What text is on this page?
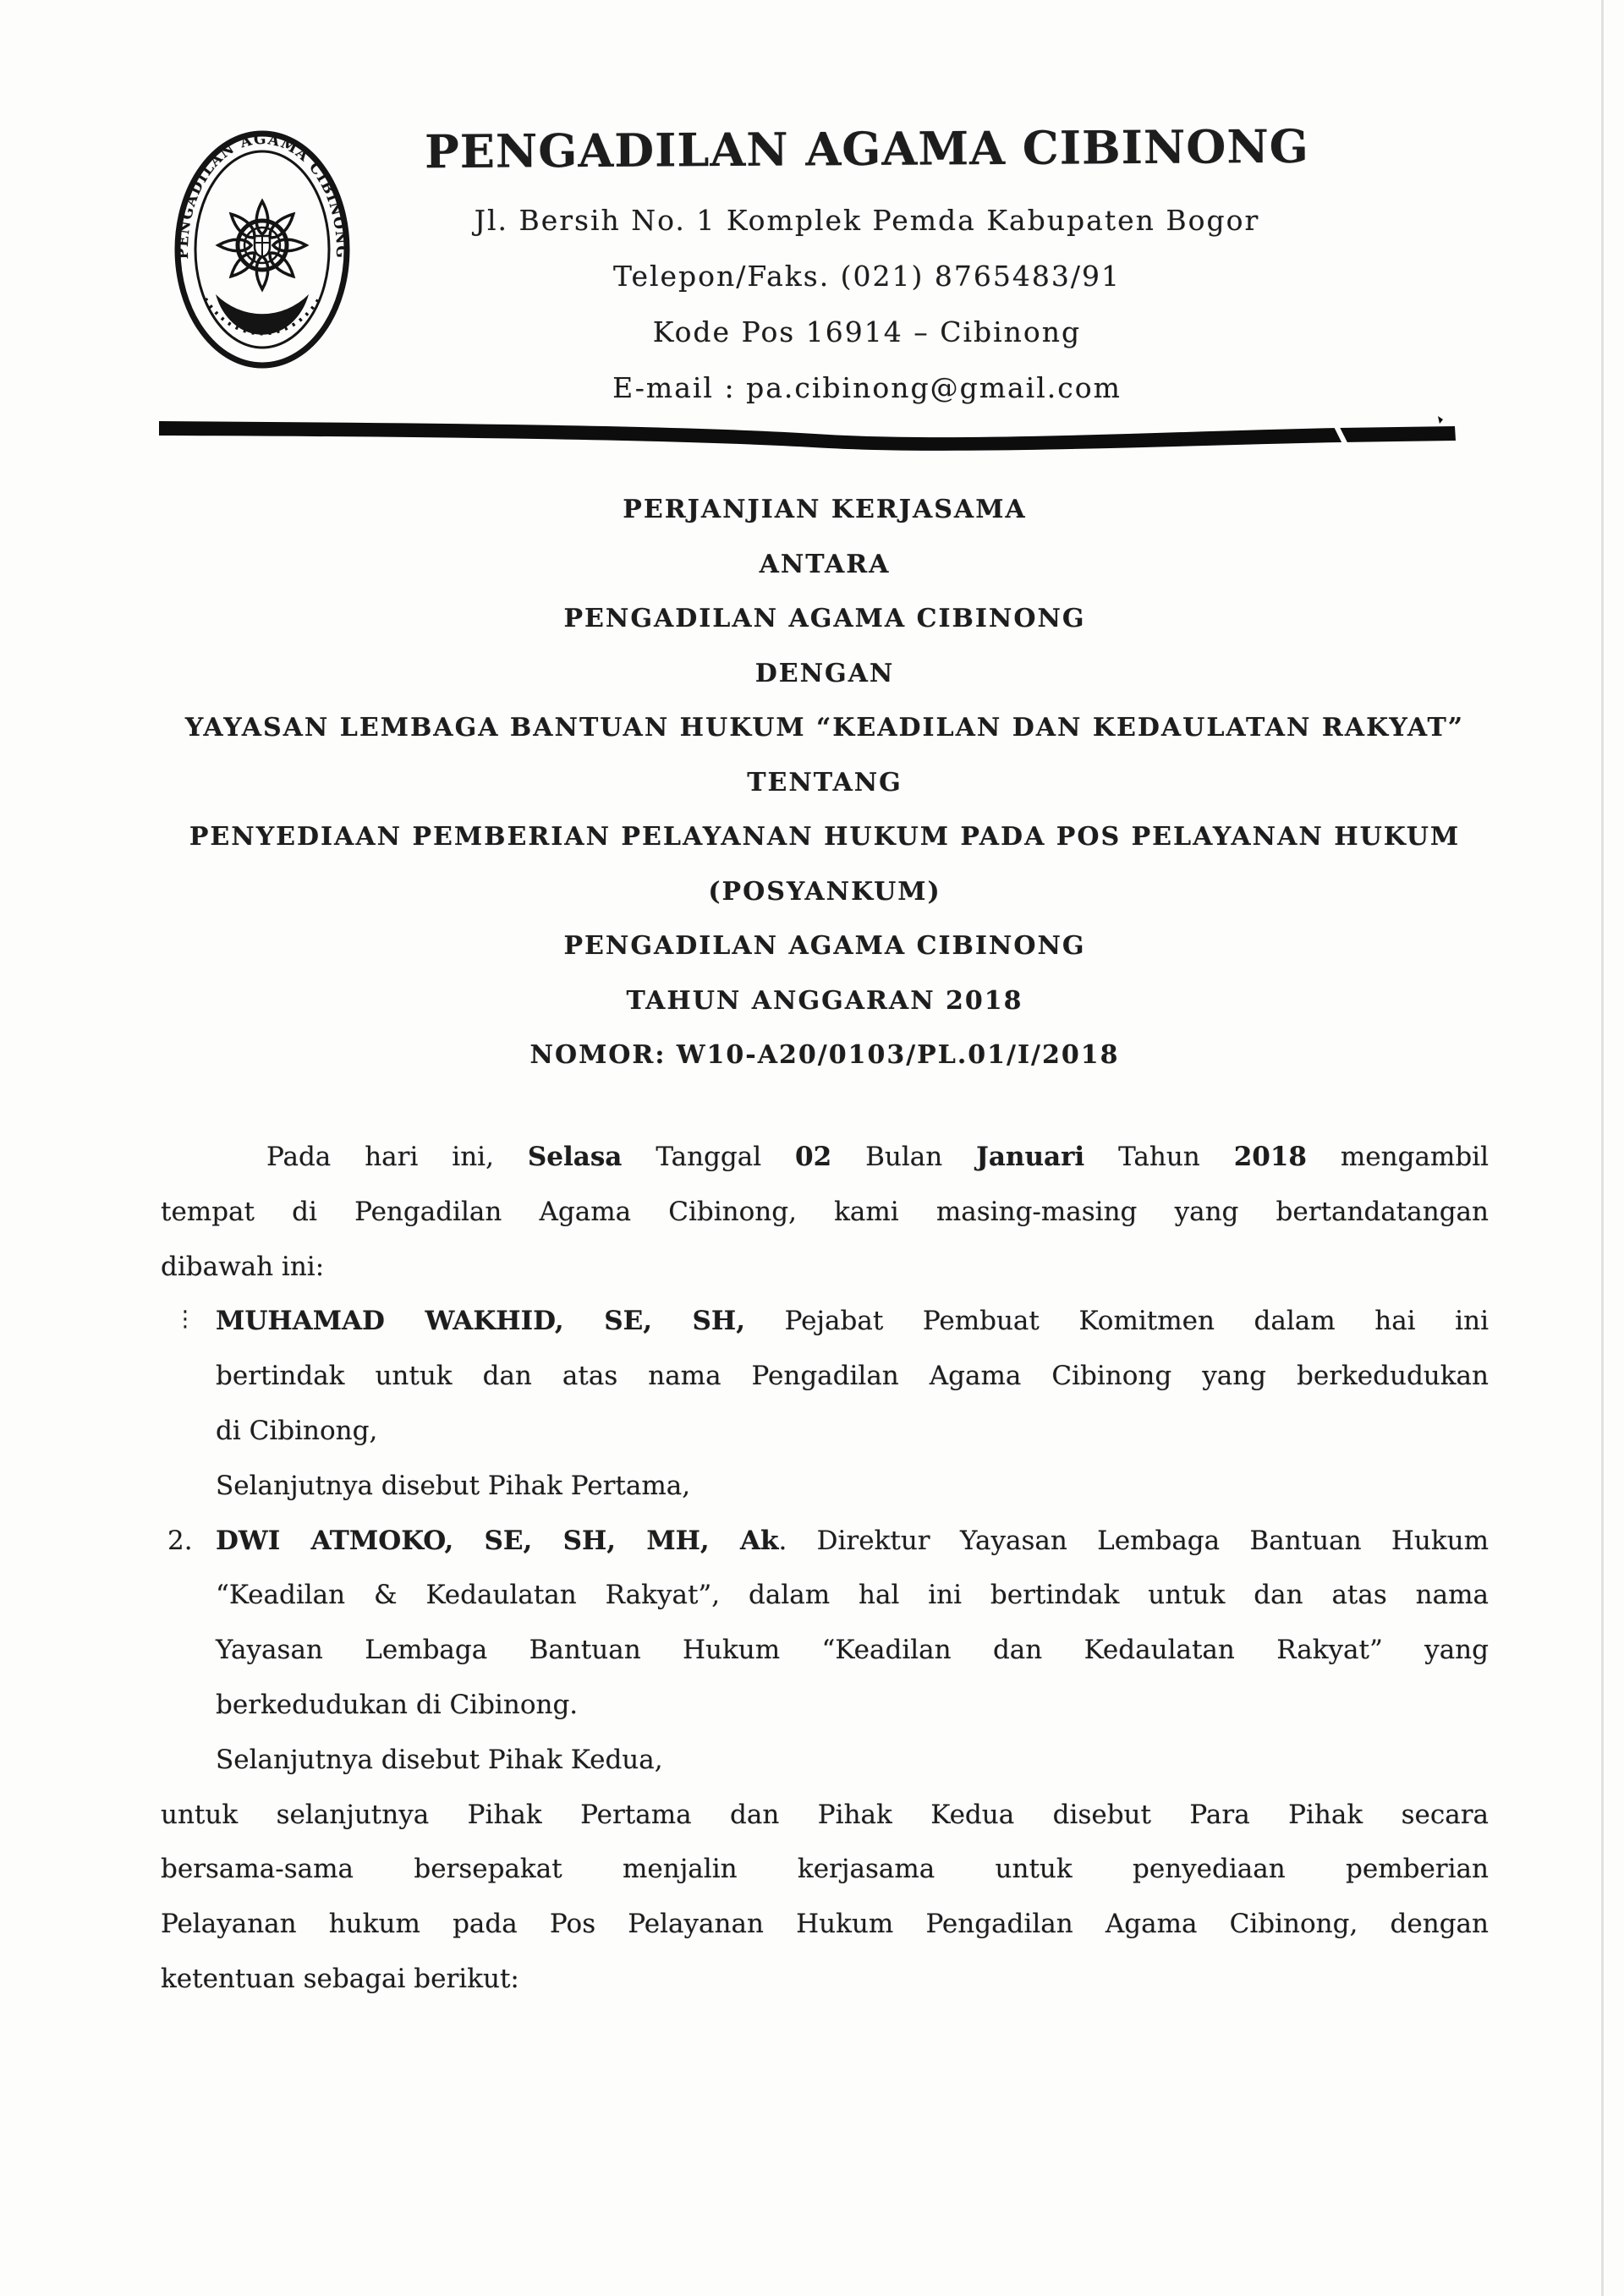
PENGADILAN AGAMA CIBINONG
PENGADILAN AGAMA CIBINONG
Jl. Bersih No. 1 Komplek Pemda Kabupaten Bogor
Telepon/Faks. (021) 8765483/91
Kode Pos 16914 – Cibinong
E-mail : pa.cibinong@gmail.com
PERJANJIAN KERJASAMA
ANTARA
PENGADILAN AGAMA CIBINONG
DENGAN
YAYASAN LEMBAGA BANTUAN HUKUM “KEADILAN DAN KEDAULATAN RAKYAT”
TENTANG
PENYEDIAAN PEMBERIAN PELAYANAN HUKUM PADA POS PELAYANAN HUKUM
(POSYANKUM)
PENGADILAN AGAMA CIBINONG
TAHUN ANGGARAN 2018
NOMOR: W10-A20/0103/PL.01/I/2018
Pada hari ini, Selasa Tanggal 02 Bulan Januari Tahun 2018 mengambil
tempat di Pengadilan Agama Cibinong, kami masing-masing yang bertandatangan
dibawah ini:
⋮ MUHAMAD WAKHID, SE, SH, Pejabat Pembuat Komitmen dalam hai ini
bertindak untuk dan atas nama Pengadilan Agama Cibinong yang berkedudukan
di Cibinong,
Selanjutnya disebut Pihak Pertama,
2. DWI ATMOKO, SE, SH, MH, Ak. Direktur Yayasan Lembaga Bantuan Hukum
“Keadilan & Kedaulatan Rakyat”, dalam hal ini bertindak untuk dan atas nama
Yayasan Lembaga Bantuan Hukum “Keadilan dan Kedaulatan Rakyat” yang
berkedudukan di Cibinong.
Selanjutnya disebut Pihak Kedua,
untuk selanjutnya Pihak Pertama dan Pihak Kedua disebut Para Pihak secara
bersama-sama bersepakat menjalin kerjasama untuk penyediaan pemberian
Pelayanan hukum pada Pos Pelayanan Hukum Pengadilan Agama Cibinong, dengan
ketentuan sebagai berikut:
